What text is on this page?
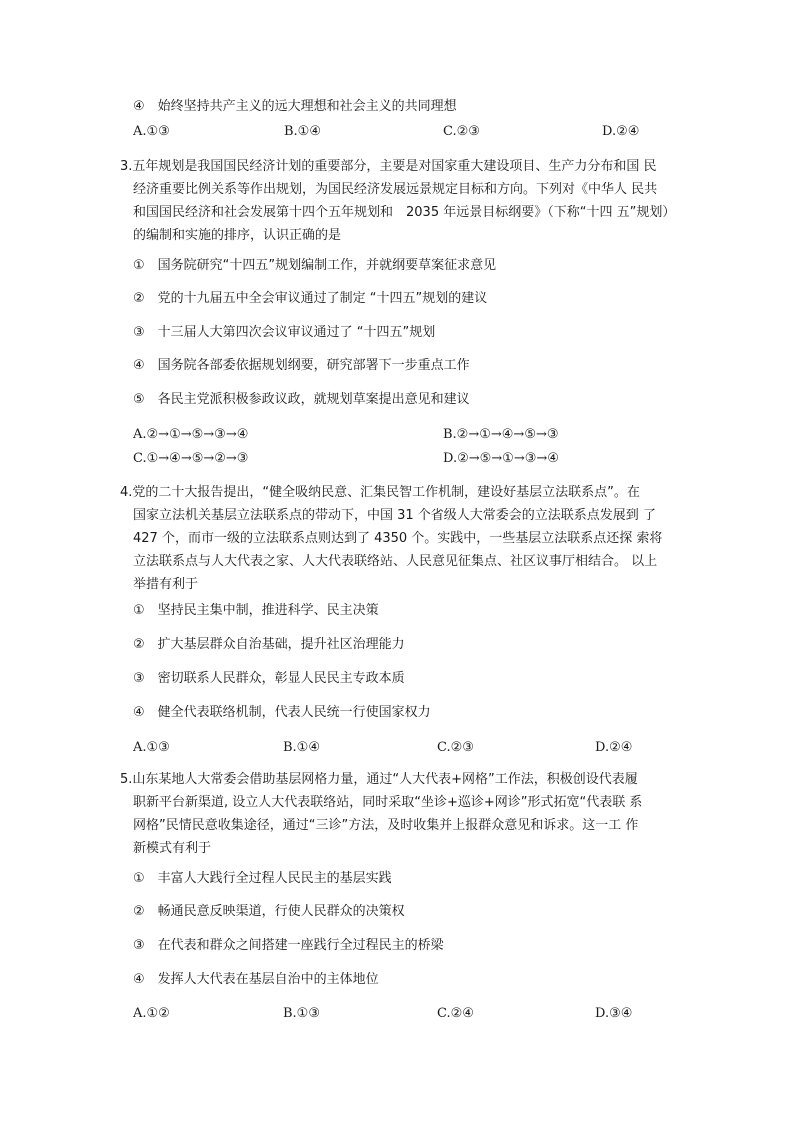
④　始终坚持共产主义的远大理想和社会主义的共同理想
A.①③	B.①④	C.②③	D.②④
3.五年规划是我国国民经济计划的重要部分，主要是对国家重大建设项目、生产力分布和国 民
经济重要比例关系等作出规划，为国民经济发展远景规定目标和方向。下列对《中华人 民共
和国国民经济和社会发展第十四个五年规划和　2035 年远景目标纲要》（下称“十四 五”规划）
的编制和实施的排序，认识正确的是
①　国务院研究“十四五”规划编制工作，并就纲要草案征求意见
②　党的十九届五中全会审议通过了制定 “十四五”规划的建议
③　十三届人大第四次会议审议通过了 “十四五”规划
④　国务院各部委依据规划纲要，研究部署下一步重点工作
⑤　各民主党派积极参政议政，就规划草案提出意见和建议
A.②→①→⑤→③→④	B.②→①→④→⑤→③
C.①→④→⑤→②→③	D.②→⑤→①→③→④
4.党的二十大报告提出，“健全吸纳民意、汇集民智工作机制，建设好基层立法联系点”。在
国家立法机关基层立法联系点的带动下，中国 31 个省级人大常委会的立法联系点发展到 了
427 个，而市一级的立法联系点则达到了 4350 个。实践中，一些基层立法联系点还探 索将
立法联系点与人大代表之家、人大代表联络站、人民意见征集点、社区议事厅相结合。 以上
举措有利于
①　坚持民主集中制，推进科学、民主决策
②　扩大基层群众自治基础，提升社区治理能力
③　密切联系人民群众，彰显人民民主专政本质
④　健全代表联络机制，代表人民统一行使国家权力
A.①③	B.①④	C.②③	D.②④
5.山东某地人大常委会借助基层网格力量，通过“人大代表+网格”工作法，积极创设代表履
职新平台新渠道, 设立人大代表联络站，同时采取“坐诊+巡诊+网诊”形式拓宽“代表联 系
网格”民情民意收集途径，通过“三诊”方法，及时收集并上报群众意见和诉求。这一工 作
新模式有利于
①　丰富人大践行全过程人民民主的基层实践
②　畅通民意反映渠道，行使人民群众的决策权
③　在代表和群众之间搭建一座践行全过程民主的桥梁
④　发挥人大代表在基层自治中的主体地位
A.①②	B.①③	C.②④	D.③④
